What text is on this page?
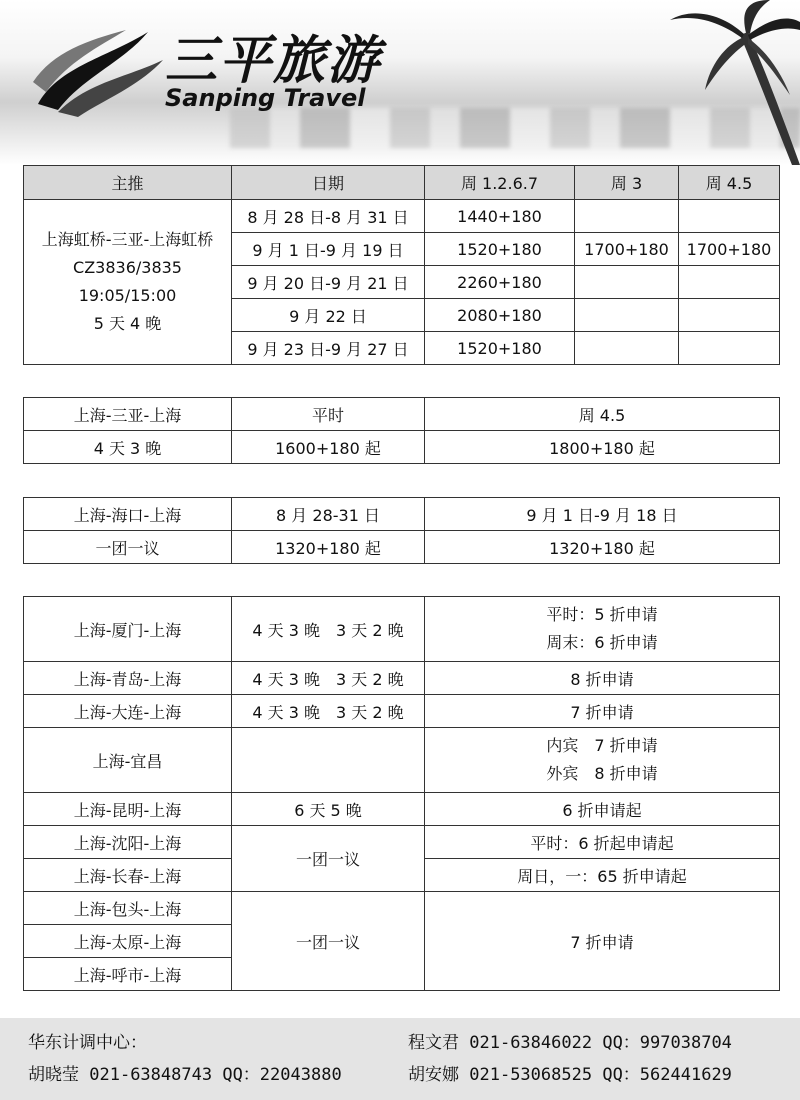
三平旅游
Sanping Travel
主推	日期	周 1.2.6.7	周 3	周 4.5

上海虹桥-三亚-上海虹桥
CZ3836/3835
19:05/15:00
5 天 4 晚	8 月 28 日-8 月 31 日	1440+180		
	9 月 1 日-9 月 19 日	1520+180	1700+180	1700+180
	9 月 20 日-9 月 21 日	2260+180		
	9 月 22 日	2080+180		
	9 月 23 日-9 月 27 日	1520+180		
上海-三亚-上海	平时	周 4.5
4 天 3 晚	1600+180 起	1800+180 起
上海-海口-上海	8 月 28-31 日	9 月 1 日-9 月 18 日
一团一议	1320+180 起	1320+180 起
上海-厦门-上海	4 天 3 晚　3 天 2 晚	平时：5 折申请
周末：6 折申请

上海-青岛-上海	4 天 3 晚　3 天 2 晚	8 折申请
上海-大连-上海	4 天 3 晚　3 天 2 晚	7 折申请
上海-宜昌		内宾　7 折申请
外宾　8 折申请

上海-昆明-上海	6 天 5 晚	6 折申请起
上海-沈阳-上海	一团一议	平时：6 折起申请起
上海-长春-上海		周日，一：65 折申请起
上海-包头-上海	一团一议	7 折申请
上海-太原-上海		
上海-呼市-上海		
华东计调中心：
胡晓莹 021-63848743 QQ：22043880
程文君 021-63846022 QQ：997038704
胡安娜 021-53068525 QQ：562441629
